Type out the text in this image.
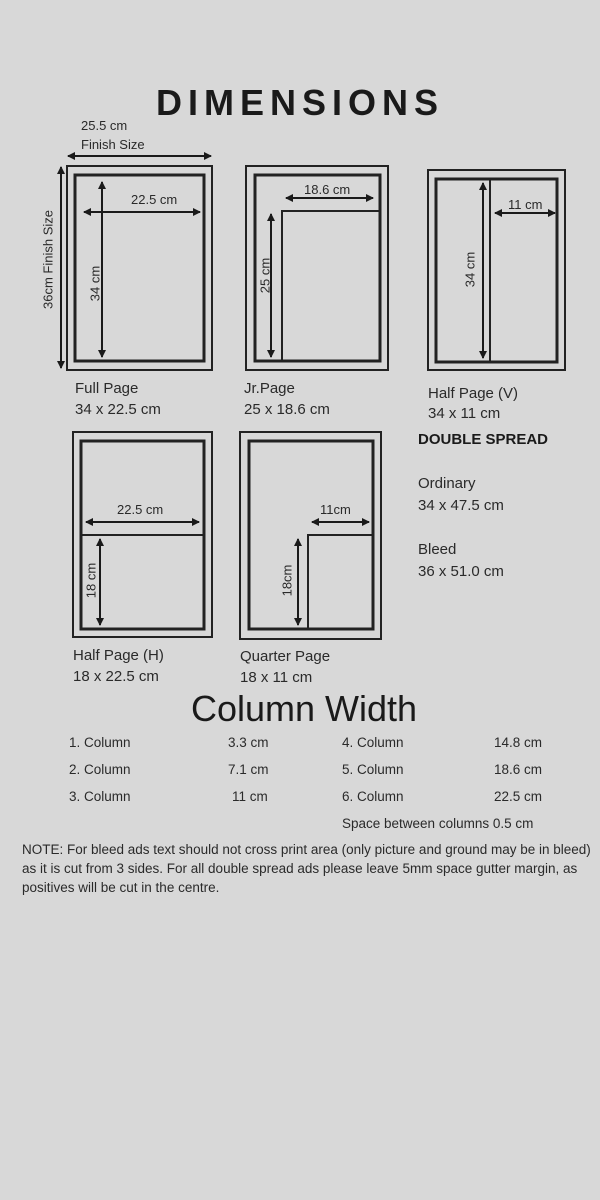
DIMENSIONS
25.5 cm
Finish Size
36cm Finish Size
22.5 cm
34 cm
Full Page
34 x 22.5 cm
18.6 cm
25 cm
Jr.Page
25 x 18.6 cm
11 cm
34 cm
Half Page (V)
34 x 11 cm
DOUBLE SPREAD
Ordinary
34 x 47.5 cm
Bleed
36 x 51.0 cm
22.5 cm
18 cm
Half Page (H)
18 x 22.5 cm
11cm
18cm
Quarter Page
18 x 11 cm
Column Width
1. Column	3.3 cm
2. Column	7.1 cm
3. Column	11 cm
4. Column	14.8 cm
5. Column	18.6 cm
6. Column	22.5 cm
Space between columns 0.5 cm
NOTE: For bleed ads text should not cross print area (only picture and ground may be in bleed) as it is cut from 3 sides. For all double spread ads please leave 5mm space gutter margin, as positives will be cut in the centre.
